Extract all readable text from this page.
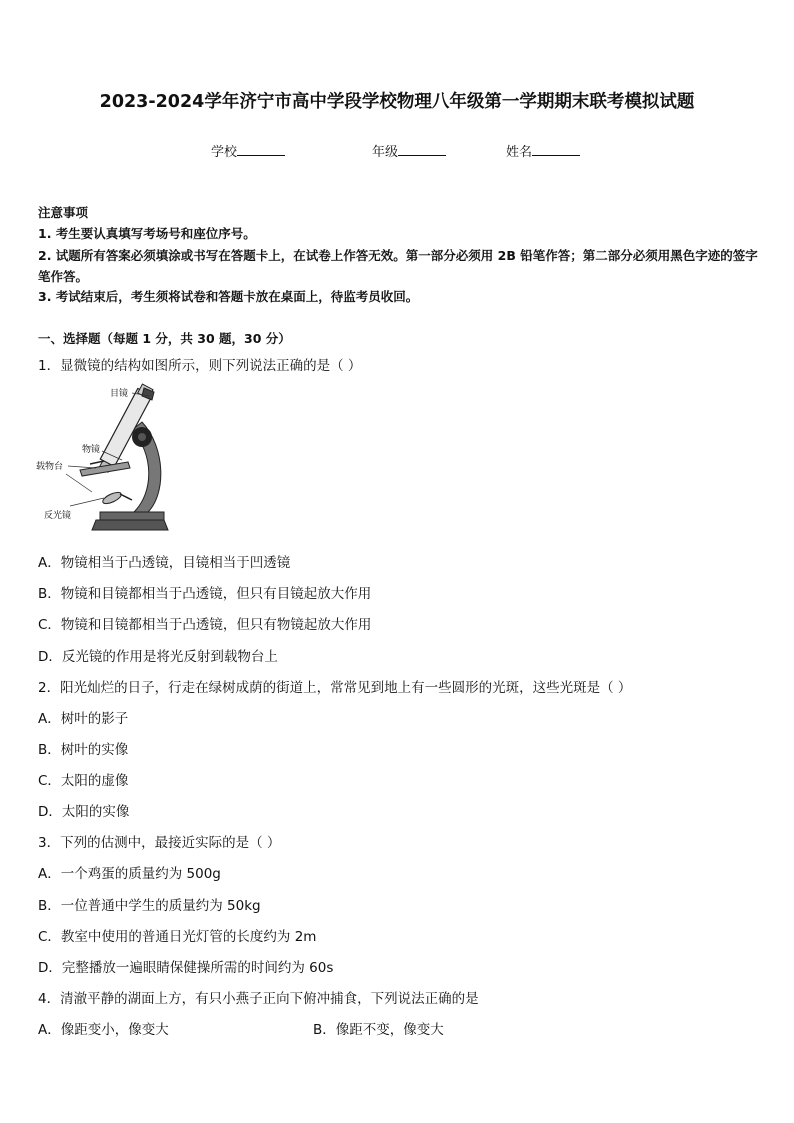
2023-2024学年济宁市高中学段学校物理八年级第一学期期末联考模拟试题
学校	年级	姓名
注意事项
1. 考生要认真填写考场号和座位序号。
2. 试题所有答案必须填涂或书写在答题卡上，在试卷上作答无效。第一部分必须用 2B 铅笔作答；第二部分必须用黑色字迹的签字笔作答。
3. 考试结束后，考生须将试卷和答题卡放在桌面上，待监考员收回。
一、选择题（每题 1 分，共 30 题，30 分）
1．显微镜的结构如图所示，则下列说法正确的是（ ）
目镜
物镜
载物台
反光镜
A．物镜相当于凸透镜，目镜相当于凹透镜
B．物镜和目镜都相当于凸透镜，但只有目镜起放大作用
C．物镜和目镜都相当于凸透镜，但只有物镜起放大作用
D．反光镜的作用是将光反射到载物台上
2．阳光灿烂的日子，行走在绿树成荫的街道上，常常见到地上有一些圆形的光斑，这些光斑是（ ）
A．树叶的影子
B．树叶的实像
C．太阳的虚像
D．太阳的实像
3．下列的估测中，最接近实际的是（ ）
A．一个鸡蛋的质量约为 500g
B．一位普通中学生的质量约为 50kg
C．教室中使用的普通日光灯管的长度约为 2m
D．完整播放一遍眼睛保健操所需的时间约为 60s
4．清澈平静的湖面上方，有只小燕子正向下俯冲捕食，下列说法正确的是
A．像距变小，像变大	B．像距不变，像变大
